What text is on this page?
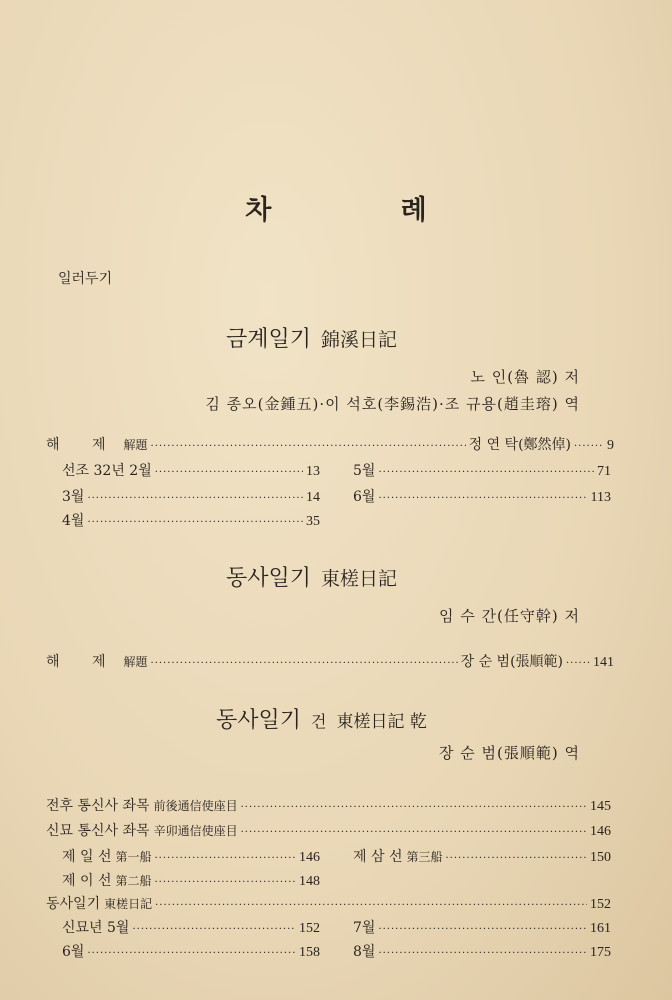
차 례
일러두기
금계일기 錦溪日記
노 인(魯 認) 저
김 종오(金鍾五)·이 석호(李錫浩)·조 규용(趙圭瑢) 역
해 제 解題 ·····	정 연 탁(鄭然倬) ·····	9
선조 32년 2월 ·····	13
3월 ·····	14
4월 ·····	35
5월 ·····	71
6월 ·····	113
동사일기 東槎日記
임 수 간(任守幹) 저
해 제 解題 ·····	장 순 범(張順範) ····· 141
동사일기 건 東槎日記 乾
장 순 범(張順範) 역
전후 통신사 좌목 前後通信使座目 ·····	145
신묘 통신사 좌목 辛卯通信使座目 ·····	146
제 일 선 第一船 ·····	146
제 이 선 第二船 ·····	148
제 삼 선 第三船 ·····	150
동사일기 東槎日記 ·····	152
신묘년 5월 ·····	152
6월 ·····	158
7월 ·····	161
8월 ·····	175
